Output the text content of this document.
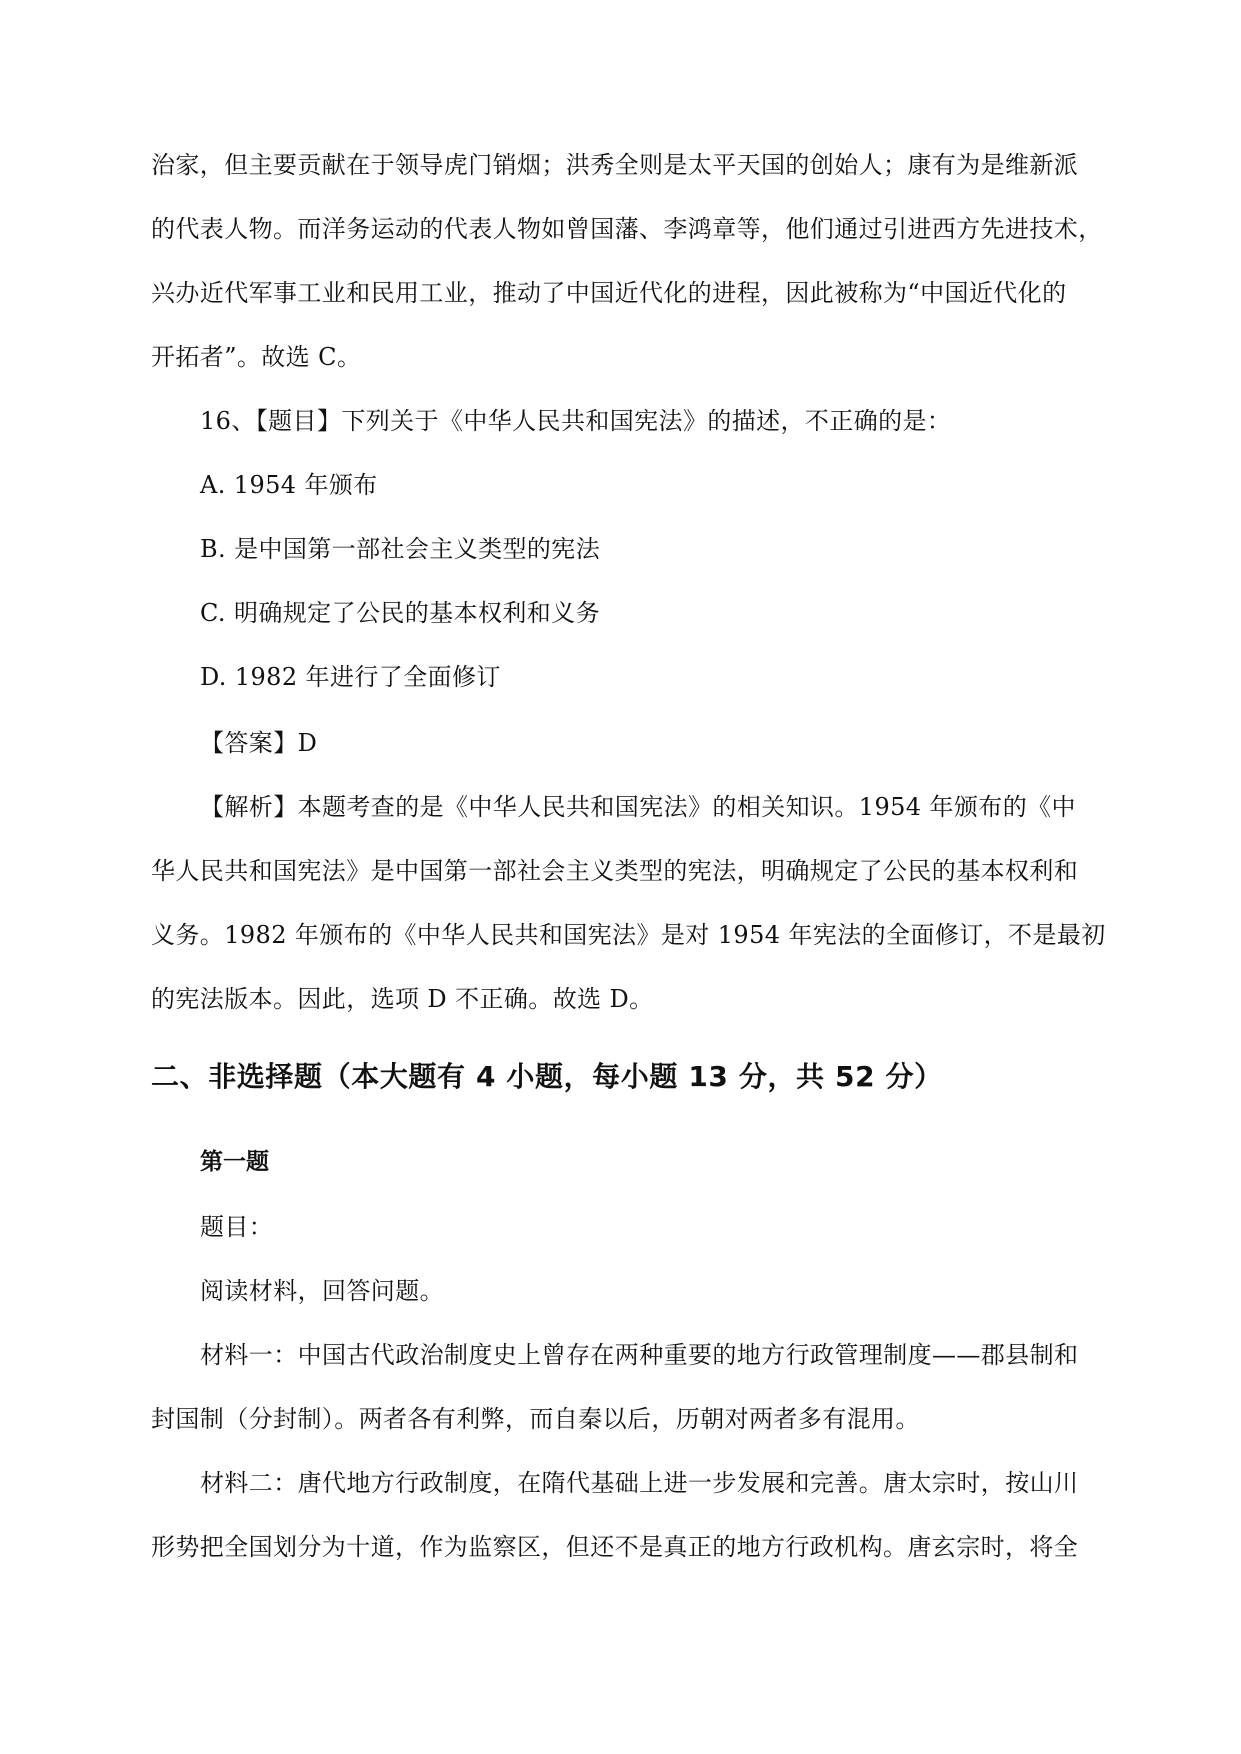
治家，但主要贡献在于领导虎门销烟；洪秀全则是太平天国的创始人；康有为是维新派
的代表人物。而洋务运动的代表人物如曾国藩、李鸿章等，他们通过引进西方先进技术，
兴办近代军事工业和民用工业，推动了中国近代化的进程，因此被称为“中国近代化的
开拓者”。故选 C。
16、【题目】下列关于《中华人民共和国宪法》的描述，不正确的是：
A. 1954 年颁布
B. 是中国第一部社会主义类型的宪法
C. 明确规定了公民的基本权利和义务
D. 1982 年进行了全面修订
【答案】D
【解析】本题考查的是《中华人民共和国宪法》的相关知识。1954 年颁布的《中
华人民共和国宪法》是中国第一部社会主义类型的宪法，明确规定了公民的基本权利和
义务。1982 年颁布的《中华人民共和国宪法》是对 1954 年宪法的全面修订，不是最初
的宪法版本。因此，选项 D 不正确。故选 D。
二、非选择题（本大题有 4 小题，每小题 13 分，共 52 分）
第一题
题目：
阅读材料，回答问题。
材料一：中国古代政治制度史上曾存在两种重要的地方行政管理制度——郡县制和
封国制（分封制）。两者各有利弊，而自秦以后，历朝对两者多有混用。
材料二：唐代地方行政制度，在隋代基础上进一步发展和完善。唐太宗时，按山川
形势把全国划分为十道，作为监察区，但还不是真正的地方行政机构。唐玄宗时，将全
